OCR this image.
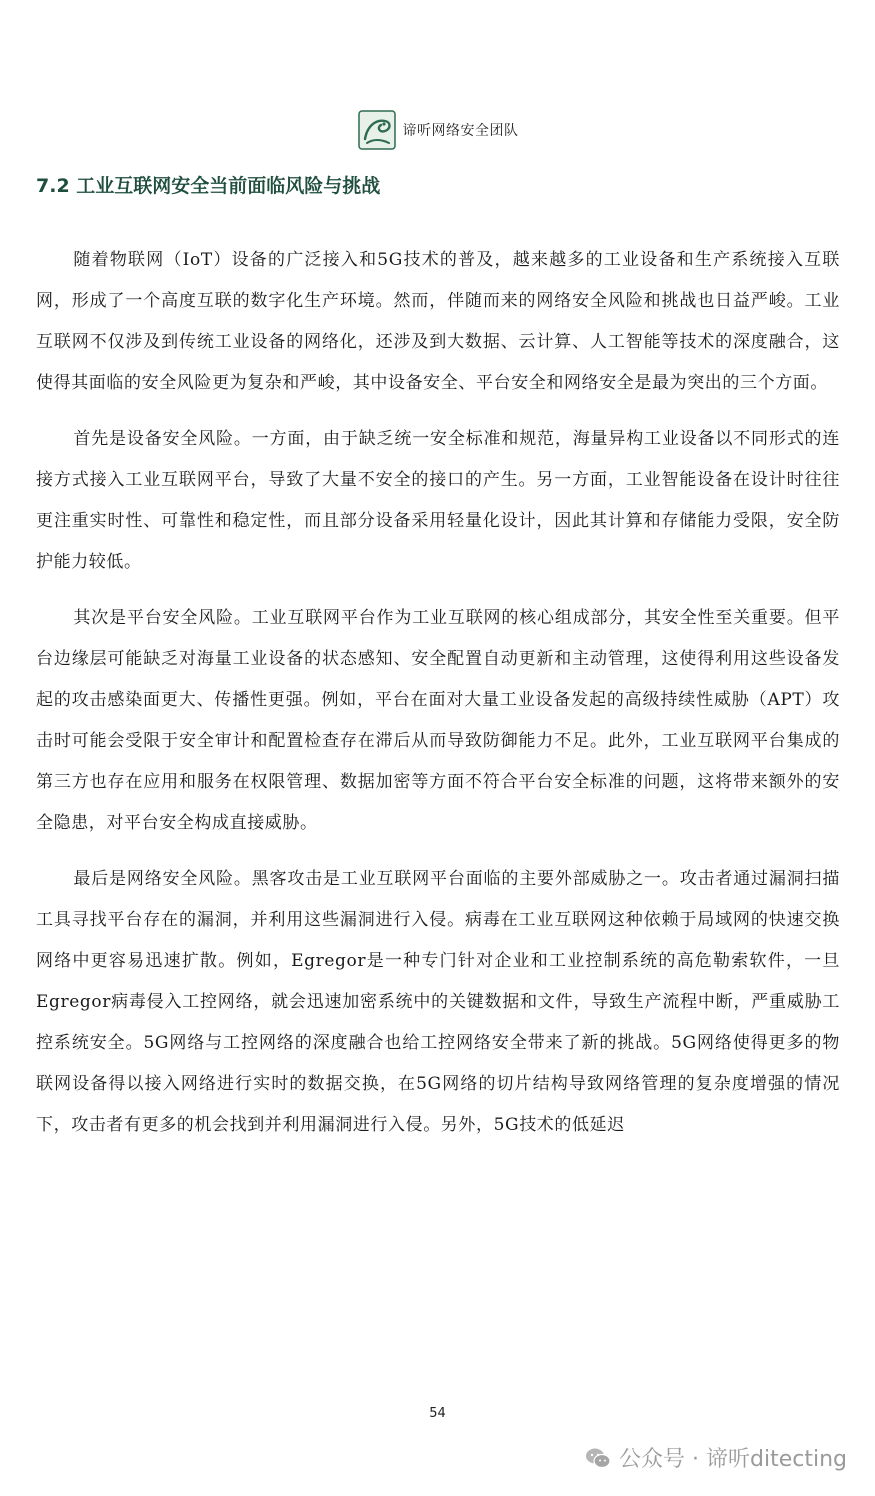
谛听网络安全团队
7.2 工业互联网安全当前面临风险与挑战

随着物联网（IoT）设备的广泛接入和5G技术的普及，越来越多的工业设备和生产系统接入互联网，形成了一个高度互联的数字化生产环境。然而，伴随而来的网络安全风险和挑战也日益严峻。工业互联网不仅涉及到传统工业设备的网络化，还涉及到大数据、云计算、人工智能等技术的深度融合，这使得其面临的安全风险更为复杂和严峻，其中设备安全、平台安全和网络安全是最为突出的三个方面。

首先是设备安全风险。一方面，由于缺乏统一安全标准和规范，海量异构工业设备以不同形式的连接方式接入工业互联网平台，导致了大量不安全的接口的产生。另一方面，工业智能设备在设计时往往更注重实时性、可靠性和稳定性，而且部分设备采用轻量化设计，因此其计算和存储能力受限，安全防护能力较低。

其次是平台安全风险。工业互联网平台作为工业互联网的核心组成部分，其安全性至关重要。但平台边缘层可能缺乏对海量工业设备的状态感知、安全配置自动更新和主动管理，这使得利用这些设备发起的攻击感染面更大、传播性更强。例如，平台在面对大量工业设备发起的高级持续性威胁（APT）攻击时可能会受限于安全审计和配置检查存在滞后从而导致防御能力不足。此外，工业互联网平台集成的第三方也存在应用和服务在权限管理、数据加密等方面不符合平台安全标准的问题，这将带来额外的安全隐患，对平台安全构成直接威胁。

最后是网络安全风险。黑客攻击是工业互联网平台面临的主要外部威胁之一。攻击者通过漏洞扫描工具寻找平台存在的漏洞，并利用这些漏洞进行入侵。病毒在工业互联网这种依赖于局域网的快速交换网络中更容易迅速扩散。例如，Egregor是一种专门针对企业和工业控制系统的高危勒索软件，一旦Egregor病毒侵入工控网络，就会迅速加密系统中的关键数据和文件，导致生产流程中断，严重威胁工控系统安全。5G网络与工控网络的深度融合也给工控网络安全带来了新的挑战。5G网络使得更多的物联网设备得以接入网络进行实时的数据交换，在5G网络的切片结构导致网络管理的复杂度增强的情况下，攻击者有更多的机会找到并利用漏洞进行入侵。另外，5G技术的低延迟

54
公众号 · 谛听ditecting
